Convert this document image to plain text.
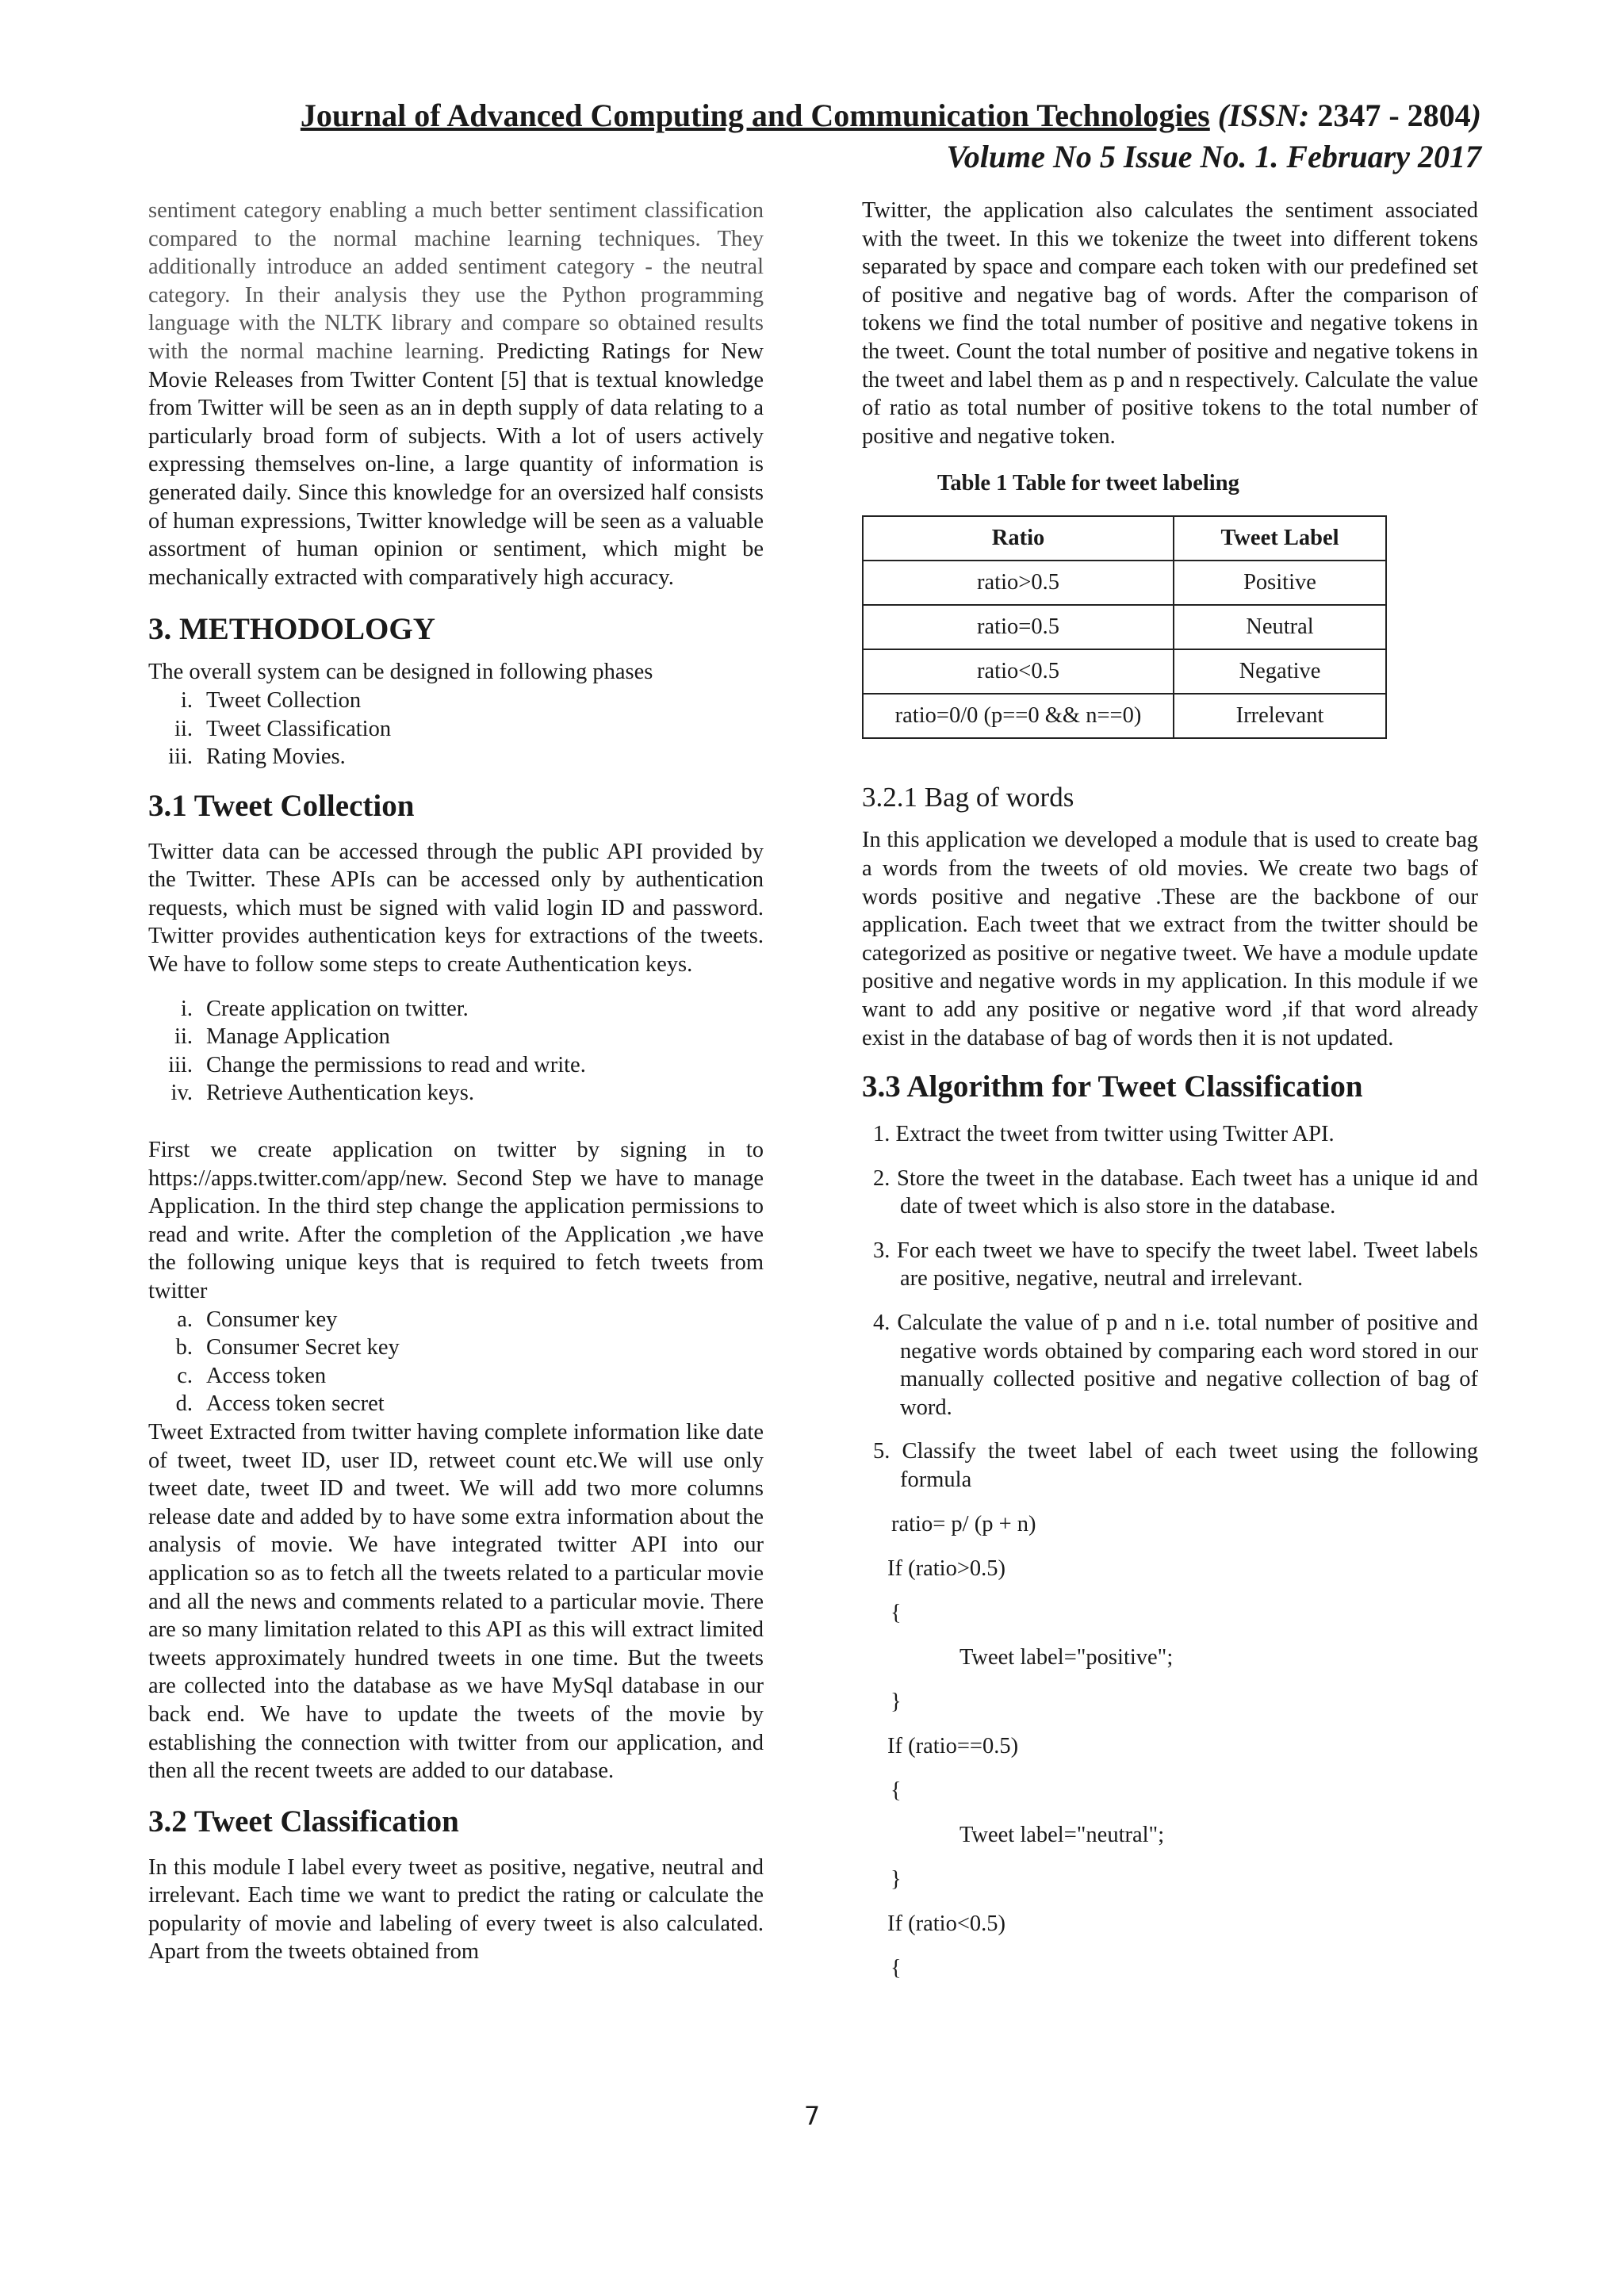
Journal of Advanced Computing and Communication Technologies (ISSN: 2347 - 2804)
Volume No 5 Issue No. 1. February 2017

sentiment category enabling a much better sentiment classification compared to the normal machine learning techniques. They additionally introduce an added sentiment category - the neutral category. In their analysis they use the Python programming language with the NLTK library and compare so obtained results with the normal machine learning. Predicting Ratings for New Movie Releases from Twitter Content [5] that is textual knowledge from Twitter will be seen as an in depth supply of data relating to a particularly broad form of subjects. With a lot of users actively expressing themselves on-line, a large quantity of information is generated daily. Since this knowledge for an oversized half consists of human expressions, Twitter knowledge will be seen as a valuable assortment of human opinion or sentiment, which might be mechanically extracted with comparatively high accuracy.

3. METHODOLOGY

The overall system can be designed in following phases

i. Tweet Collection
ii. Tweet Classification
iii. Rating Movies.
3.1 Tweet Collection

Twitter data can be accessed through the public API provided by the Twitter. These APIs can be accessed only by authentication requests, which must be signed with valid login ID and password. Twitter provides authentication keys for extractions of the tweets. We have to follow some steps to create Authentication keys.

i. Create application on twitter.
ii. Manage Application
iii. Change the permissions to read and write.
iv. Retrieve Authentication keys.

First we create application on twitter by signing in to https://apps.twitter.com/app/new. Second Step we have to manage Application. In the third step change the application permissions to read and write. After the completion of the Application ,we have the following unique keys that is required to fetch tweets from twitter

a. Consumer key
b. Consumer Secret key
c. Access token
d. Access token secret

Tweet Extracted from twitter having complete information like date of tweet, tweet ID, user ID, retweet count etc.We will use only tweet date, tweet ID and tweet. We will add two more columns release date and added by to have some extra information about the analysis of movie. We have integrated twitter API into our application so as to fetch all the tweets related to a particular movie and all the news and comments related to a particular movie. There are so many limitation related to this API as this will extract limited tweets approximately hundred tweets in one time. But the tweets are collected into the database as we have MySql database in our back end. We have to update the tweets of the movie by establishing the connection with twitter from our application, and then all the recent tweets are added to our database.

3.2 Tweet Classification

In this module I label every tweet as positive, negative, neutral and irrelevant. Each time we want to predict the rating or calculate the popularity of movie and labeling of every tweet is also calculated. Apart from the tweets obtained from

Twitter, the application also calculates the sentiment associated with the tweet. In this we tokenize the tweet into different tokens separated by space and compare each token with our predefined set of positive and negative bag of words. After the comparison of tokens we find the total number of positive and negative tokens in the tweet. Count the total number of positive and negative tokens in the tweet and label them as p and n respectively. Calculate the value of ratio as total number of positive tokens to the total number of positive and negative token.

Table 1 Table for tweet labeling
Ratio	Tweet Label
ratio>0.5	Positive
ratio=0.5	Neutral
ratio<0.5	Negative
ratio=0/0 (p==0 && n==0)	Irrelevant
3.2.1 Bag of words

In this application we developed a module that is used to create bag a words from the tweets of old movies. We create two bags of words positive and negative .These are the backbone of our application. Each tweet that we extract from the twitter should be categorized as positive or negative tweet. We have a module update positive and negative words in my application. In this module if we want to add any positive or negative word ,if that word already exist in the database of bag of words then it is not updated.

3.3 Algorithm for Tweet Classification
1. Extract the tweet from twitter using Twitter API.
2. Store the tweet in the database. Each tweet has a unique id and date of tweet which is also store in the database.
3. For each tweet we have to specify the tweet label. Tweet labels are positive, negative, neutral and irrelevant.
4. Calculate the value of p and n i.e. total number of positive and negative words obtained by comparing each word stored in our manually collected positive and negative collection of bag of word.
5. Classify the tweet label of each tweet using the following formula
ratio= p/ (p + n)
If (ratio>0.5)
{
Tweet label="positive";
}
If (ratio==0.5)
{
Tweet label="neutral";
}
If (ratio<0.5)
{
7
